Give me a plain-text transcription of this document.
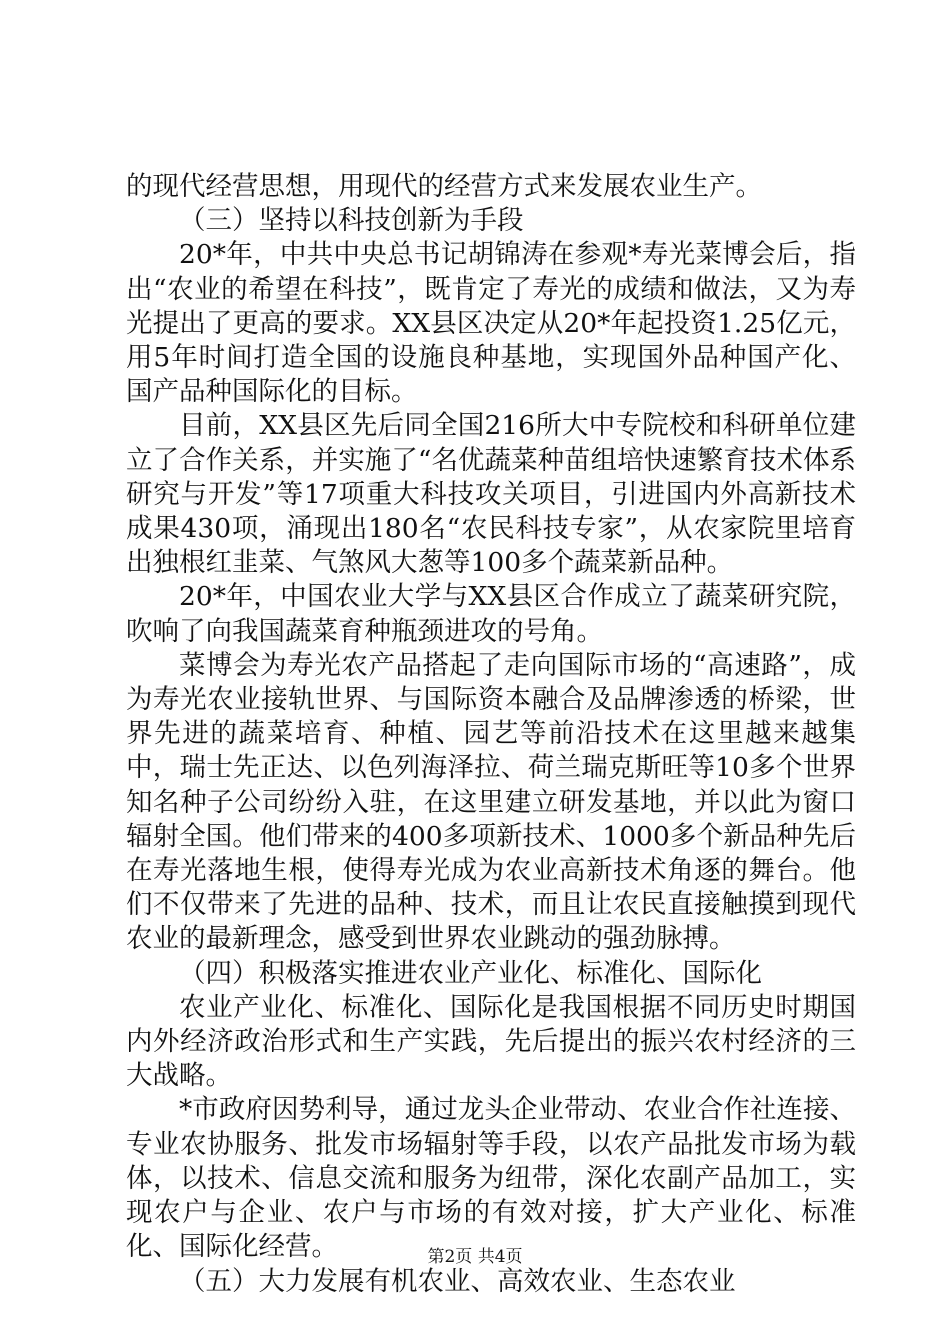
的现代经营思想，用现代的经营方式来发展农业生产。

（三）坚持以科技创新为手段

20*年，中共中央总书记胡锦涛在参观*寿光菜博会后，指出“农业的希望在科技”，既肯定了寿光的成绩和做法，又为寿光提出了更高的要求。XX县区决定从20*年起投资1.25亿元，用5年时间打造全国的设施良种基地，实现国外品种国产化、国产品种国际化的目标。

目前，XX县区先后同全国216所大中专院校和科研单位建立了合作关系，并实施了“名优蔬菜种苗组培快速繁育技术体系研究与开发”等17项重大科技攻关项目，引进国内外高新技术成果430项，涌现出180名“农民科技专家”，从农家院里培育出独根红韭菜、气煞风大葱等100多个蔬菜新品种。

20*年，中国农业大学与XX县区合作成立了蔬菜研究院，吹响了向我国蔬菜育种瓶颈进攻的号角。

菜博会为寿光农产品搭起了走向国际市场的“高速路”，成为寿光农业接轨世界、与国际资本融合及品牌渗透的桥梁，世界先进的蔬菜培育、种植、园艺等前沿技术在这里越来越集中，瑞士先正达、以色列海泽拉、荷兰瑞克斯旺等10多个世界知名种子公司纷纷入驻，在这里建立研发基地，并以此为窗口辐射全国。他们带来的400多项新技术、1000多个新品种先后在寿光落地生根，使得寿光成为农业高新技术角逐的舞台。他们不仅带来了先进的品种、技术，而且让农民直接触摸到现代农业的最新理念，感受到世界农业跳动的强劲脉搏。

（四）积极落实推进农业产业化、标准化、国际化

农业产业化、标准化、国际化是我国根据不同历史时期国内外经济政治形式和生产实践，先后提出的振兴农村经济的三大战略。

*市政府因势利导，通过龙头企业带动、农业合作社连接、专业农协服务、批发市场辐射等手段，以农产品批发市场为载体，以技术、信息交流和服务为纽带，深化农副产品加工，实现农户与企业、农户与市场的有效对接，扩大产业化、标准化、国际化经营。

（五）大力发展有机农业、高效农业、生态农业

第2页 共4页
